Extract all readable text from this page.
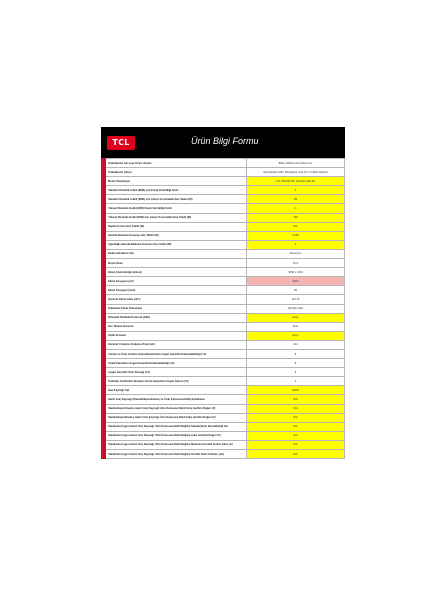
TCL	Ürün Bilgi Formu
	Tedarikçinin Adı veya Ticari Unvanı	Bilkom Bilişim Hizmetleri A.Ş.
	Tedarikçinin Adresi	Mecidiyeköy Mah. Büyükdere Cad. No:7 A Blok İstanbul
	Model Tanımlayıcı	TCL 65C845 65" QD-Mini LED 4K
	Standart Dinamik Aralık (SDR) için Enerji Verimliliği Sınıfı	F
	Standart Dinamik Aralık (SDR) için Çalışır Konumdaki Güç Talebi (W)	89
	Yüksek Dinamik Aralık (HDR) Enerji Verimliliği Sınıfı	G
	Yüksek Dinamik Aralık (HDR) için Çalışır Konumdaki Güç Talebi (W)	135
	Kapalı Konum Güç Talebi (W)	N/A
	Hazırda Bekleme Konumu Güç Talebi (W)	0,350
	Ağa Bağlı Hazırda Bekleme Konumu Güç Talebi (W)	2
	Elektronik Ekran Tipi	Televizyon
	Boyut Oranı	16:9
	Ekran Çözünürlüğü (piksel)	3840 x 2160
	Ekran Köşegeni (cm)	163,9
	Ekran Köşegeni (inch)	65
	Görünür Ekran Alanı (dm²)	114,79
	Kullanılan Panel Teknolojisi	QD-Mini LED
	Otomatik Parlaklık Kontrolü (ABC)	Hayır
	Ses Tanıma Sensörü	Evet
	Varlık Sensörü	Hayır
	Görüntü Yenileme Frekansı Oranı (Hz)	144
	Yazılım ve Ürün Yazılımı Güncellemelerinin Asgari Garantili Kullanılabilirliği (Yıl)	8
	Yedek Parçaların Asgari Garantili Kullanılabilirliği (Yıl)	8
	Asgari Garantili Ürün Desteği (Yıl)	8
	Tedarikçi Tarafından Sunulan Genel Garantinin Asgari Süresi (Yıl)	2
	Güç Kaynağı Tipi	Dahili
	Harici Güç Kaynağı (Standartlaştırılmamış ve Ürün Kutusuna Dahil) Açıklaması	N/A
	Standartlaştırılmamış Harici Güç Kaynağı Ürün Kutusuna Dahil Giriş Gerilimi Değeri (V)	N/A
	Standartlaştırılmamış Harici Güç Kaynağı Ürün Kutusuna Dahil Çıkış Gerilimi Değeri (V)	N/A
	Standarda Uygun Harici Güç Kaynağı Ürün Kutusuna Dahil Değilse Standartların Desteklediği Adı	N/A
	Standarda Uygun Harici Güç Kaynağı Ürün Kutusuna Dahil Değilse Çıkış Gerilimi Değeri (V)	N/A
	Standarda Uygun Harici Güç Kaynağı Ürün Kutusuna Dahil Değilse Minimum Gerekli Verilen Akım (A)	N/A
	Standarda Uygun Harici Güç Kaynağı Ürün Kutusuna Dahil Değilse Gerekli Akım Frekansı (Hz)	N/A
